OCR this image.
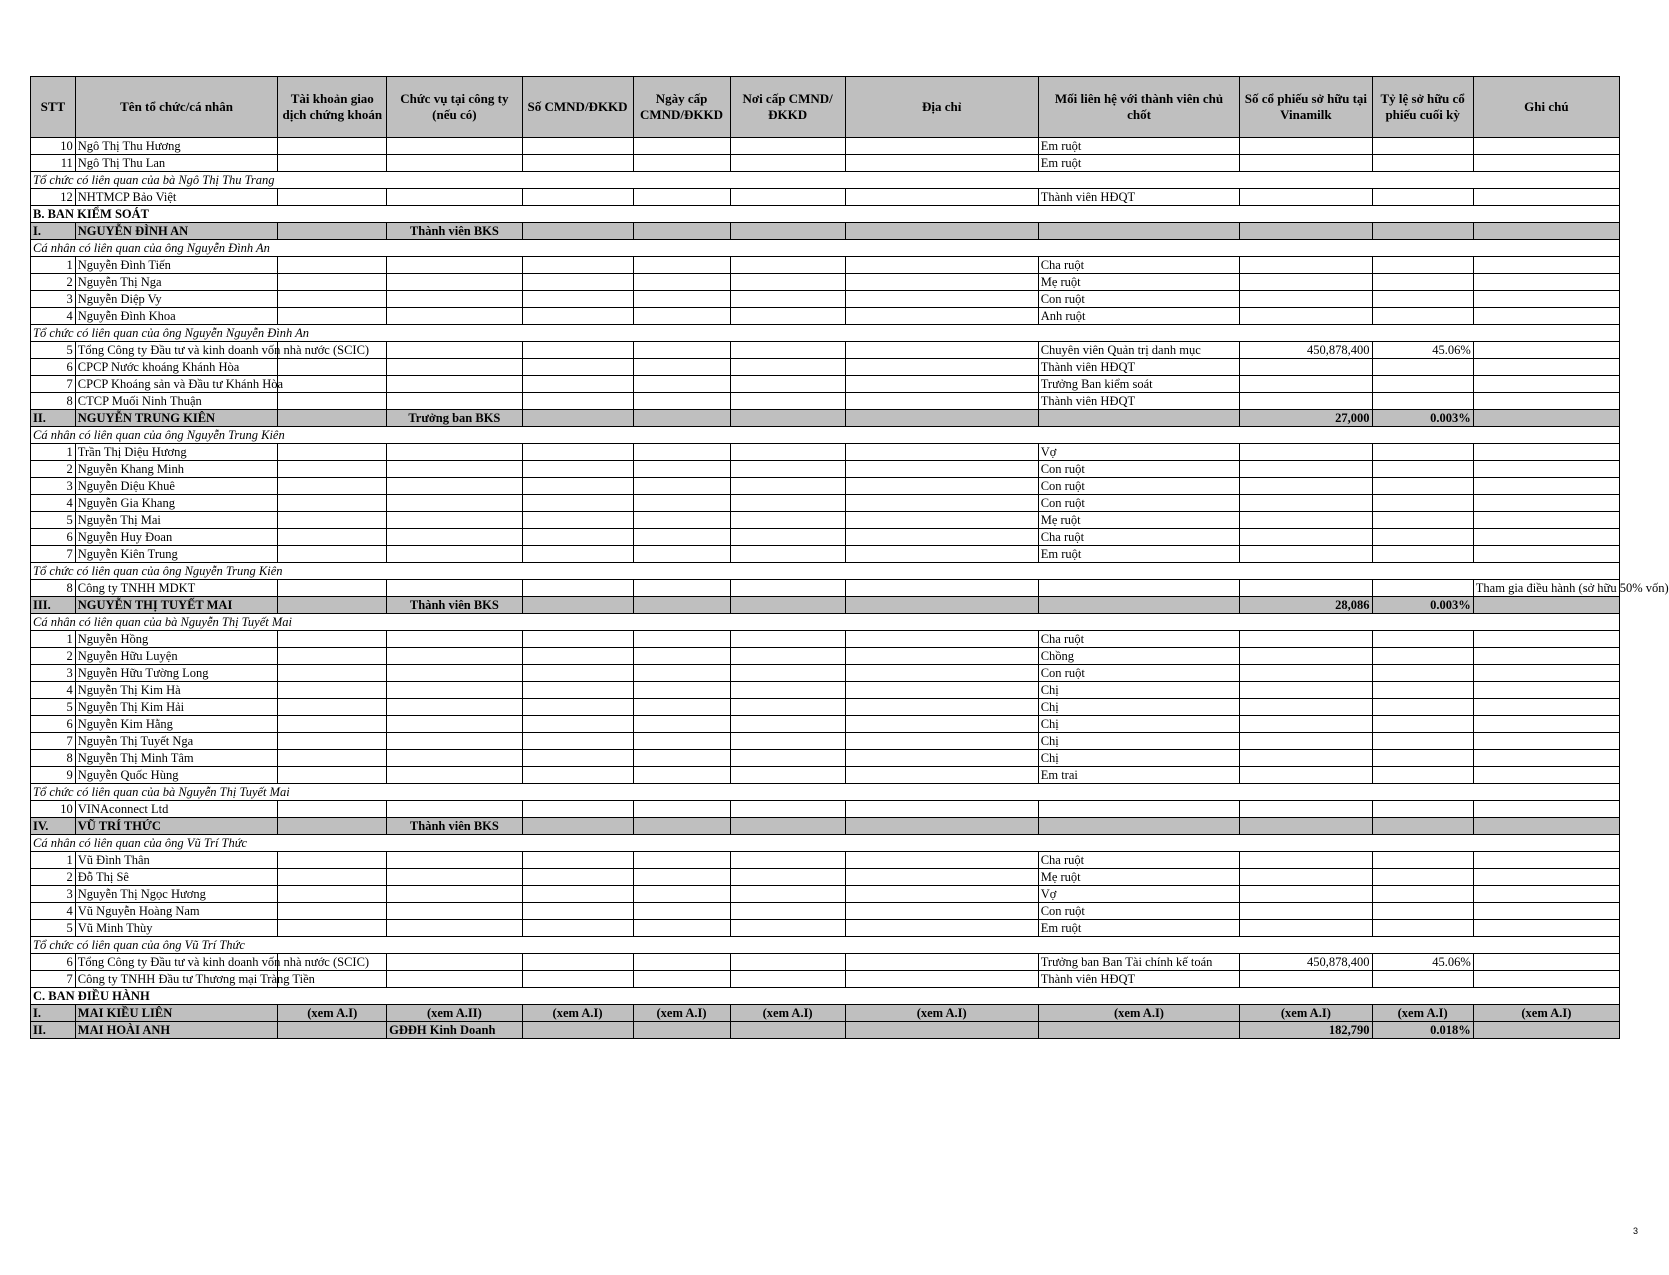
STT	Tên tổ chức/cá nhân	Tài khoản giao dịch chứng khoán	Chức vụ tại công ty (nếu có)	Số CMND/ĐKKD	Ngày cấp CMND/ĐKKD	Nơi cấp CMND/ĐKKD	Địa chỉ	Mối liên hệ với thành viên chủ chốt	Số cổ phiếu sở hữu tại Vinamilk	Tỷ lệ sở hữu cổ phiếu cuối kỳ	Ghi chú
10	Ngô Thị Thu Hương							Em ruột			
11	Ngô Thị Thu Lan							Em ruột			
Tổ chức có liên quan của bà Ngô Thị Thu Trang											
12	NHTMCP Bảo Việt							Thành viên HĐQT			
B. BAN KIỂM SOÁT											
I.	NGUYỄN ĐÌNH AN		Thành viên BKS								
Cá nhân có liên quan của ông Nguyễn Đình An											
1	Nguyễn Đình Tiến							Cha ruột			
2	Nguyễn Thị Nga							Mẹ ruột			
3	Nguyễn Diệp Vy							Con ruột			
4	Nguyễn Đình Khoa							Anh ruột			
Tổ chức có liên quan của ông Nguyễn Nguyễn Đình An											
5	Tổng Công ty Đầu tư và kinh doanh vốn nhà nước (SCIC)							Chuyên viên Quản trị danh mục	450,878,400	45.06%	
6	CPCP Nước khoáng Khánh Hòa							Thành viên HĐQT			
7	CPCP Khoáng sản và Đầu tư Khánh Hòa							Trưởng Ban kiểm soát			
8	CTCP Muối Ninh Thuận							Thành viên HĐQT			
II.	NGUYỄN TRUNG KIÊN		Trưởng ban BKS						27,000	0.003%	
Cá nhân có liên quan của ông Nguyễn Trung Kiên											
1	Trần Thị Diệu Hương							Vợ			
2	Nguyễn Khang Minh							Con ruột			
3	Nguyễn Diệu Khuê							Con ruột			
4	Nguyễn Gia Khang							Con ruột			
5	Nguyễn Thị Mai							Mẹ ruột			
6	Nguyễn Huy Đoan							Cha ruột			
7	Nguyễn Kiên Trung							Em ruột			
Tổ chức có liên quan của ông Nguyễn Trung Kiên											
8	Công ty TNHH MDKT										Tham gia điều hành (sở hữu 50% vốn)
III.	NGUYỄN THỊ TUYẾT MAI		Thành viên BKS						28,086	0.003%	
Cá nhân có liên quan của bà Nguyễn Thị Tuyết Mai											
1	Nguyễn Hồng							Cha ruột			
2	Nguyễn Hữu Luyện							Chồng			
3	Nguyễn Hữu Tường Long							Con ruột			
4	Nguyễn Thị Kim Hà							Chị			
5	Nguyễn Thị Kim Hải							Chị			
6	Nguyễn Kim Hằng							Chị			
7	Nguyễn Thị Tuyết Nga							Chị			
8	Nguyễn Thị Minh Tâm							Chị			
9	Nguyễn Quốc Hùng							Em trai			
Tổ chức có liên quan của bà Nguyễn Thị Tuyết Mai											
10	VINAconnect Ltd										
IV.	VŨ TRÍ THỨC		Thành viên BKS								
Cá nhân có liên quan của ông Vũ Trí Thức											
1	Vũ Đình Thân							Cha ruột			
2	Đỗ Thị Sê							Mẹ ruột			
3	Nguyễn Thị Ngọc Hương							Vợ			
4	Vũ Nguyễn Hoàng Nam							Con ruột			
5	Vũ Minh Thùy							Em ruột			
Tổ chức có liên quan của ông Vũ Trí Thức											
6	Tổng Công ty Đầu tư và kinh doanh vốn nhà nước (SCIC)							Trưởng ban Ban Tài chính kế toán	450,878,400	45.06%	
7	Công ty TNHH Đầu tư Thương mại Tràng Tiền							Thành viên HĐQT			
C. BAN ĐIỀU HÀNH											
I.	MAI KIỀU LIÊN	(xem A.I)	(xem A.II)	(xem A.I)	(xem A.I)	(xem A.I)	(xem A.I)	(xem A.I)	(xem A.I)	(xem A.I)	(xem A.I)
II.	MAI HOÀI ANH		GĐĐH Kinh Doanh						182,790	0.018%	
3
